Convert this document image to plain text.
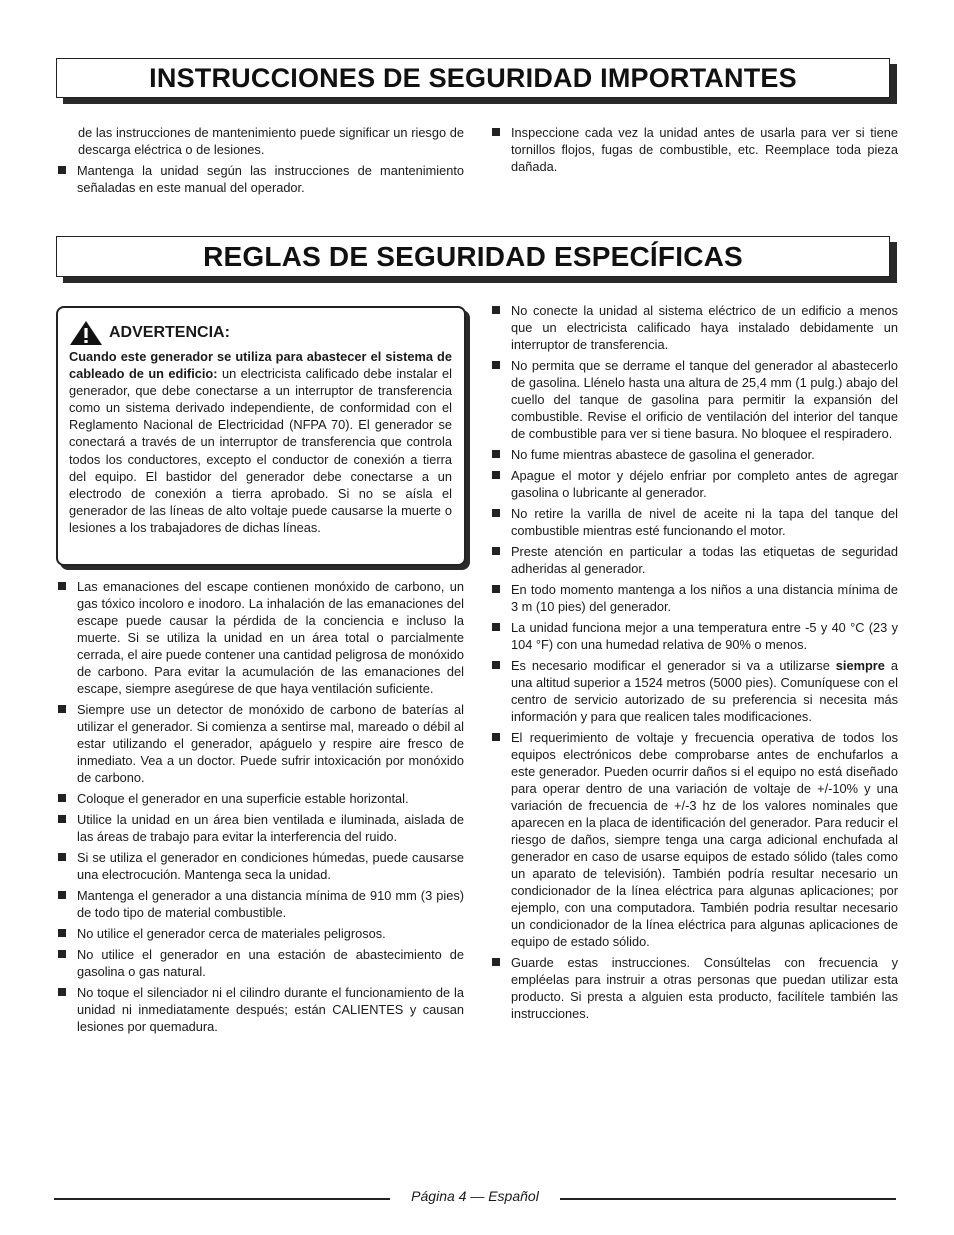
INSTRUCCIONES DE SEGURIDAD IMPORTANTES

de las instrucciones de mantenimiento puede significar un riesgo de descarga eléctrica o de lesiones.

Mantenga la unidad según las instrucciones de mantenimiento señaladas en este manual del operador.
Inspeccione cada vez la unidad antes de usarla para ver si tiene tornillos flojos, fugas de combustible, etc. Reemplace toda pieza dañada.
REGLAS DE SEGURIDAD ESPECÍFICAS
ADVERTENCIA:

Cuando este generador se utiliza para abastecer el sistema de cableado de un edificio: un electricista calificado debe instalar el generador, que debe conectarse a un interruptor de transferencia como un sistema derivado independiente, de conformidad con el Reglamento Nacional de Electricidad (NFPA 70). El generador se conectará a través de un interruptor de transferencia que controla todos los conductores, excepto el conductor de conexión a tierra del equipo. El bastidor del generador debe conectarse a un electrodo de conexión a tierra aprobado. Si no se aísla el generador de las líneas de alto voltaje puede causarse la muerte o lesiones a los trabajadores de dichas líneas.

Las emanaciones del escape contienen monóxido de carbono, un gas tóxico incoloro e inodoro. La inhalación de las emanaciones del escape puede causar la pérdida de la conciencia e incluso la muerte. Si se utiliza la unidad en un área total o parcialmente cerrada, el aire puede contener una cantidad peligrosa de monóxido de carbono. Para evitar la acumulación de las emanaciones del escape, siempre asegúrese de que haya ventilación suficiente.
Siempre use un detector de monóxido de carbono de baterías al utilizar el generador. Si comienza a sentirse mal, mareado o débil al estar utilizando el generador, apáguelo y respire aire fresco de inmediato. Vea a un doctor. Puede sufrir intoxicación por monóxido de carbono.
Coloque el generador en una superficie estable horizontal.
Utilice la unidad en un área bien ventilada e iluminada, aislada de las áreas de trabajo para evitar la interferencia del ruido.
Si se utiliza el generador en condiciones húmedas, puede causarse una electrocución. Mantenga seca la unidad.
Mantenga el generador a una distancia mínima de 910 mm (3 pies) de todo tipo de material combustible.
No utilice el generador cerca de materiales peligrosos.
No utilice el generador en una estación de abastecimiento de gasolina o gas natural.
No toque el silenciador ni el cilindro durante el funcionamiento de la unidad ni inmediatamente después; están CALIENTES y causan lesiones por quemadura.
No conecte la unidad al sistema eléctrico de un edificio a menos que un electricista calificado haya instalado debidamente un interruptor de transferencia.
No permita que se derrame el tanque del generador al abastecerlo de gasolina. Llénelo hasta una altura de 25,4 mm (1 pulg.) abajo del cuello del tanque de gasolina para permitir la expansión del combustible. Revise el orificio de ventilación del interior del tanque de combustible para ver si tiene basura. No bloquee el respiradero.
No fume mientras abastece de gasolina el generador.
Apague el motor y déjelo enfriar por completo antes de agregar gasolina o lubricante al generador.
No retire la varilla de nivel de aceite ni la tapa del tanque del combustible mientras esté funcionando el motor.
Preste atención en particular a todas las etiquetas de seguridad adheridas al generador.
En todo momento mantenga a los niños a una distancia mínima de 3 m (10 pies) del generador.
La unidad funciona mejor a una temperatura entre -5 y 40 °C (23 y 104 °F) con una humedad relativa de 90% o menos.
Es necesario modificar el generador si va a utilizarse siempre a una altitud superior a 1524 metros (5000 pies). Comuníquese con el centro de servicio autorizado de su preferencia si necesita más información y para que realicen tales modificaciones.
El requerimiento de voltaje y frecuencia operativa de todos los equipos electrónicos debe comprobarse antes de enchufarlos a este generador. Pueden ocurrir daños si el equipo no está diseñado para operar dentro de una variación de voltaje de +/-10% y una variación de frecuencia de +/-3 hz de los valores nominales que aparecen en la placa de identificación del generador. Para reducir el riesgo de daños, siempre tenga una carga adicional enchufada al generador en caso de usarse equipos de estado sólido (tales como un aparato de televisión). También podría resultar necesario un condicionador de la línea eléctrica para algunas aplicaciones; por ejemplo, con una computadora. También podria resultar necesario un condicionador de la línea eléctrica para algunas aplicaciones de equipo de estado sólido.
Guarde estas instrucciones. Consúltelas con frecuencia y empléelas para instruir a otras personas que puedan utilizar esta producto. Si presta a alguien esta producto, facilítele también las instrucciones.
Página 4 — Español
